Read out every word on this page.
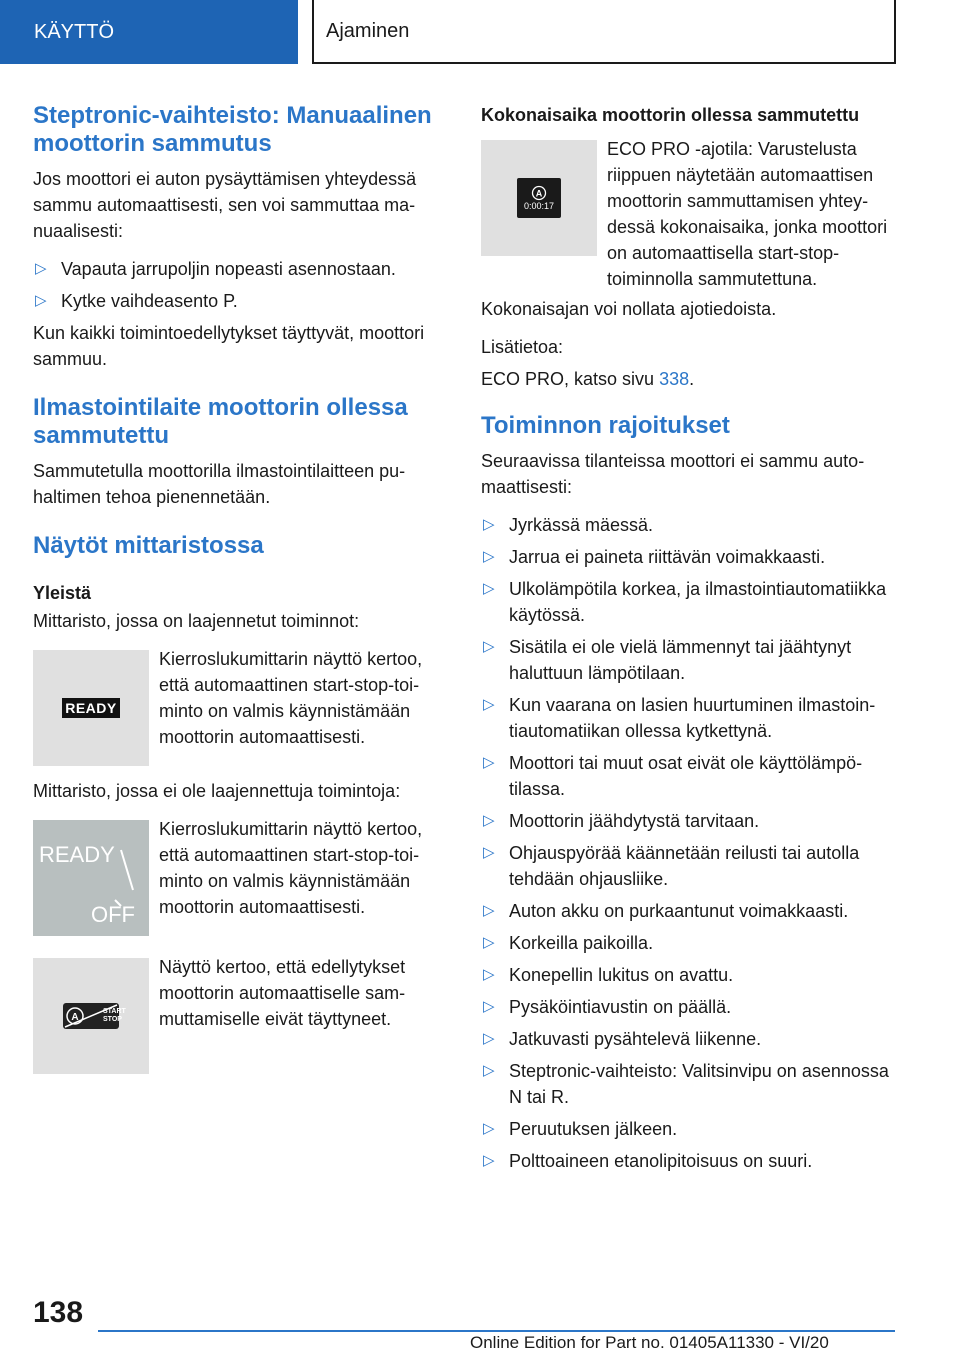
KÄYTTÖ	Ajaminen
Steptronic-vaihteisto: Manuaalinen moottorin sammutus

Jos moottori ei auton pysäyttämisen yhteydessä sammu automaattisesti, sen voi sammuttaa manuaalisesti:

▷ Vapauta jarrupoljin nopeasti asennostaan.
▷ Kytke vaihdeasento P.

Kun kaikki toimintoedellytykset täyttyvät, moottori sammuu.

Ilmastointilaite moottorin ollessa sammutettu

Sammutetulla moottorilla ilmastointilaitteen puhaltimen tehoa pienennetään.

Näytöt mittaristossa
Yleistä

Mittaristo, jossa on laajennetut toiminnot:

READY
Kierroslukumittarin näyttö kertoo, että automaattinen start-stop-toiminto on valmis käynnistämään moottorin automaattisesti.

Mittaristo, jossa ei ole laajennettuja toimintoja:

READY
OFF
Kierroslukumittarin näyttö kertoo, että automaattinen start-stop-toiminto on valmis käynnistämään moottorin automaattisesti.
A
START STOP
Näyttö kertoo, että edellytykset moottorin automaattiselle sammuttamiselle eivät täyttyneet.
Kokonaisaika moottorin ollessa sammutettu
A
0:00:17
ECO PRO -ajotila: Varustelusta riippuen näytetään automaattisen moottorin sammuttamisen yhteydessä kokonaisaika, jonka moottori on automaattisella start-stop-toiminnolla sammutettuna.

Kokonaisajan voi nollata ajotiedoista.

Lisätietoa:

ECO PRO, katso sivu 338.

Toiminnon rajoitukset

Seuraavissa tilanteissa moottori ei sammu automaattisesti:

▷ Jyrkässä mäessä.
▷ Jarrua ei paineta riittävän voimakkaasti.
▷ Ulkolämpötila korkea, ja ilmastointiautomatiikka käytössä.
▷ Sisätila ei ole vielä lämmennyt tai jäähtynyt haluttuun lämpötilaan.
▷ Kun vaarana on lasien huurtuminen ilmastointiautomatiikan ollessa kytkettynä.
▷ Moottori tai muut osat eivät ole käyttölämpötilassa.
▷ Moottorin jäähdytystä tarvitaan.
▷ Ohjauspyörää käännetään reilusti tai autolla tehdään ohjausliike.
▷ Auton akku on purkaantunut voimakkaasti.
▷ Korkeilla paikoilla.
▷ Konepellin lukitus on avattu.
▷ Pysäköintiavustin on päällä.
▷ Jatkuvasti pysähtelevä liikenne.
▷ Steptronic-vaihteisto: Valitsinvipu on asennossa N tai R.
▷ Peruutuksen jälkeen.
▷ Polttoaineen etanolipitoisuus on suuri.
138
Online Edition for Part no. 01405A11330 - VI/20
